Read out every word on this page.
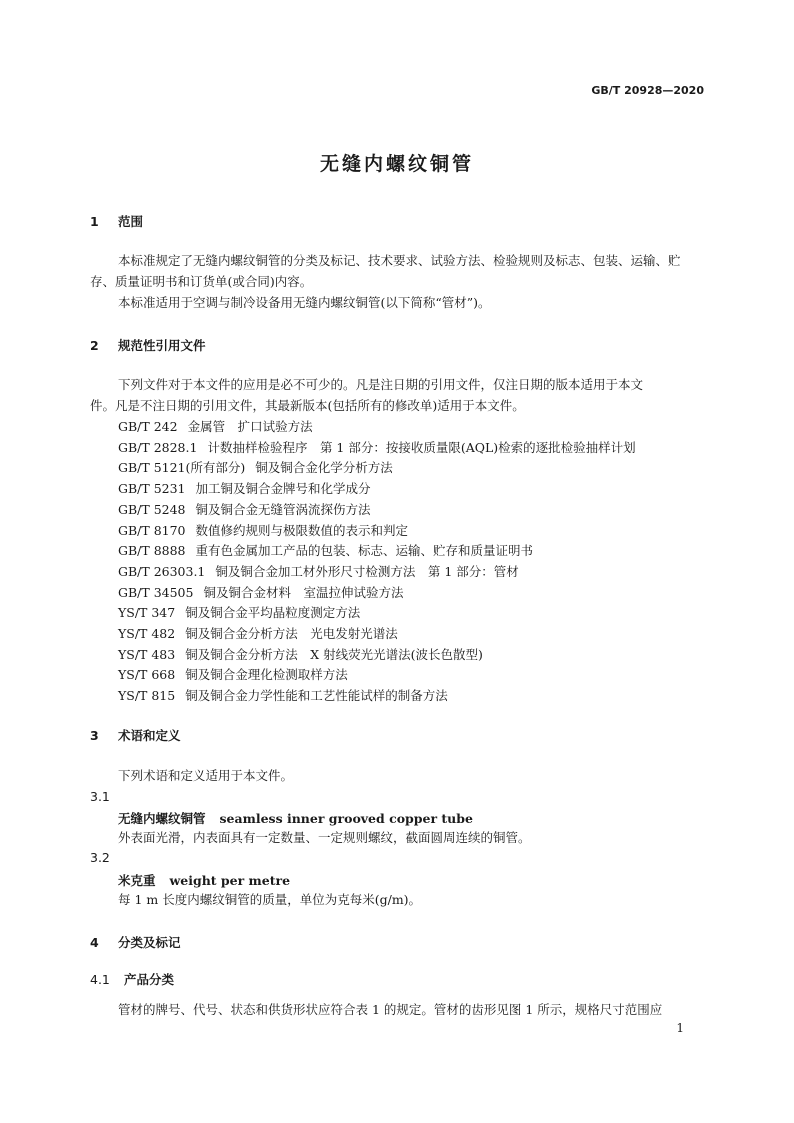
GB/T 20928—2020
无缝内螺纹铜管
1 范围
本标准规定了无缝内螺纹铜管的分类及标记、技术要求、试验方法、检验规则及标志、包装、运输、贮
存、质量证明书和订货单(或合同)内容。
本标准适用于空调与制冷设备用无缝内螺纹铜管(以下简称“管材”)。
2 规范性引用文件
下列文件对于本文件的应用是必不可少的。凡是注日期的引用文件，仅注日期的版本适用于本文
件。凡是不注日期的引用文件，其最新版本(包括所有的修改单)适用于本文件。
GB/T 242 金属管　扩口试验方法
GB/T 2828.1 计数抽样检验程序　第 1 部分：按接收质量限(AQL)检索的逐批检验抽样计划
GB/T 5121(所有部分) 铜及铜合金化学分析方法
GB/T 5231 加工铜及铜合金牌号和化学成分
GB/T 5248 铜及铜合金无缝管涡流探伤方法
GB/T 8170 数值修约规则与极限数值的表示和判定
GB/T 8888 重有色金属加工产品的包装、标志、运输、贮存和质量证明书
GB/T 26303.1 铜及铜合金加工材外形尺寸检测方法　第 1 部分：管材
GB/T 34505 铜及铜合金材料　室温拉伸试验方法
YS/T 347 铜及铜合金平均晶粒度测定方法
YS/T 482 铜及铜合金分析方法　光电发射光谱法
YS/T 483 铜及铜合金分析方法　X 射线荧光光谱法(波长色散型)
YS/T 668 铜及铜合金理化检测取样方法
YS/T 815 铜及铜合金力学性能和工艺性能试样的制备方法
3 术语和定义
下列术语和定义适用于本文件。
3.1
无缝内螺纹铜管 seamless inner grooved copper tube
外表面光滑，内表面具有一定数量、一定规则螺纹，截面圆周连续的铜管。
3.2
米克重 weight per metre
每 1 m 长度内螺纹铜管的质量，单位为克每米(g/m)。
4 分类及标记
4.1 产品分类
管材的牌号、代号、状态和供货形状应符合表 1 的规定。管材的齿形见图 1 所示，规格尺寸范围应
1
